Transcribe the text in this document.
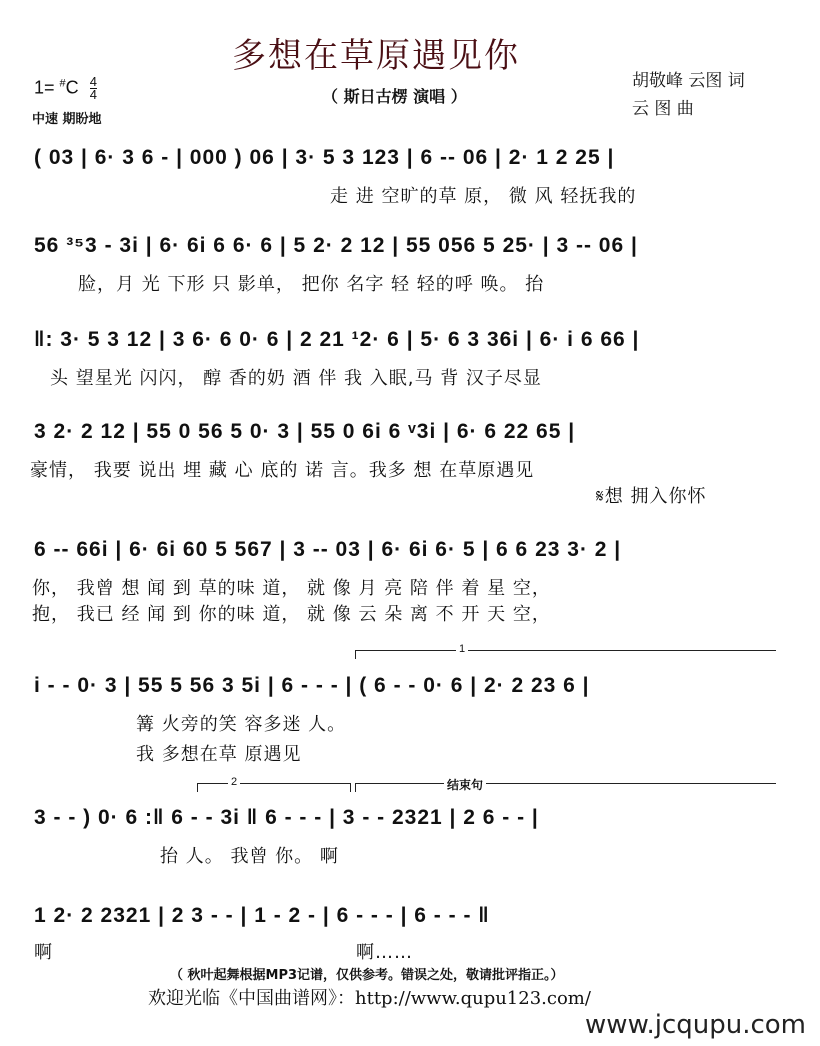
多想在草原遇见你
（ 斯日古楞 演唱 ）
$1= ^{\#}C \frac{4}{4}$
中速 期盼地
胡敬峰 云图 词
云 图 曲
( 03 | 6· 3 6 - | 000 ) 06 | 3· 5 3 123 | 6 -- 06 | 2· 1 2 25 |
走 进 空旷的草 原， 微 风 轻抚我的
56 ³⁵3 - 3i | 6· 6i 6 6· 6 | 5 2· 2 12 | 55 056 5 25· | 3 -- 06 |
脸，月 光 下形 只 影单， 把你 名字 轻 轻的呼 唤。 抬
‖: 3· 5 3 12 | 3 6· 6 0· 6 | 2 21 ¹2· 6 | 5· 6 3 36i | 6· i 6 66 |
头 望星光 闪闪， 醇 香的奶 酒 伴 我 入眠,马 背 汉子尽显
3 2· 2 12 | 55 0 56 5 0· 3 | 55 0 6i 6 ᵛ3i | 6· 6 22 65 |
豪情， 我要 说出 埋 藏 心 底的 诺 言。我多 想 在草原遇见
𝄋想 拥入你怀
6 -- 66i | 6· 6i 60 5 567 | 3 -- 03 | 6· 6i 6· 5 | 6 6 23 3· 2 |
你， 我曾 想 闻 到 草的味 道， 就 像 月 亮 陪 伴 着 星 空，
抱， 我已 经 闻 到 你的味 道， 就 像 云 朵 离 不 开 天 空，
1
i - - 0· 3 | 55 5 56 3 5i | 6 - - - | ( 6 - - 0· 6 | 2· 2 23 6 |
篝 火旁的笑 容多迷 人。
我 多想在草 原遇见
2	结束句
3 - - ) 0· 6 :‖ 6 - - 3i ‖ 6 - - - | 3 - - 2321 | 2 6 - - |
抬 人。 我曾 你。 啊
1 2· 2 2321 | 2 3 - - | 1 - 2 - | 6 - - - | 6 - - - ‖
啊	啊……
（ 秋叶起舞根据MP3记谱，仅供参考。错误之处，敬请批评指正。）
欢迎光临《中国曲谱网》：http://www.qupu123.com/
www.jcqupu.com
